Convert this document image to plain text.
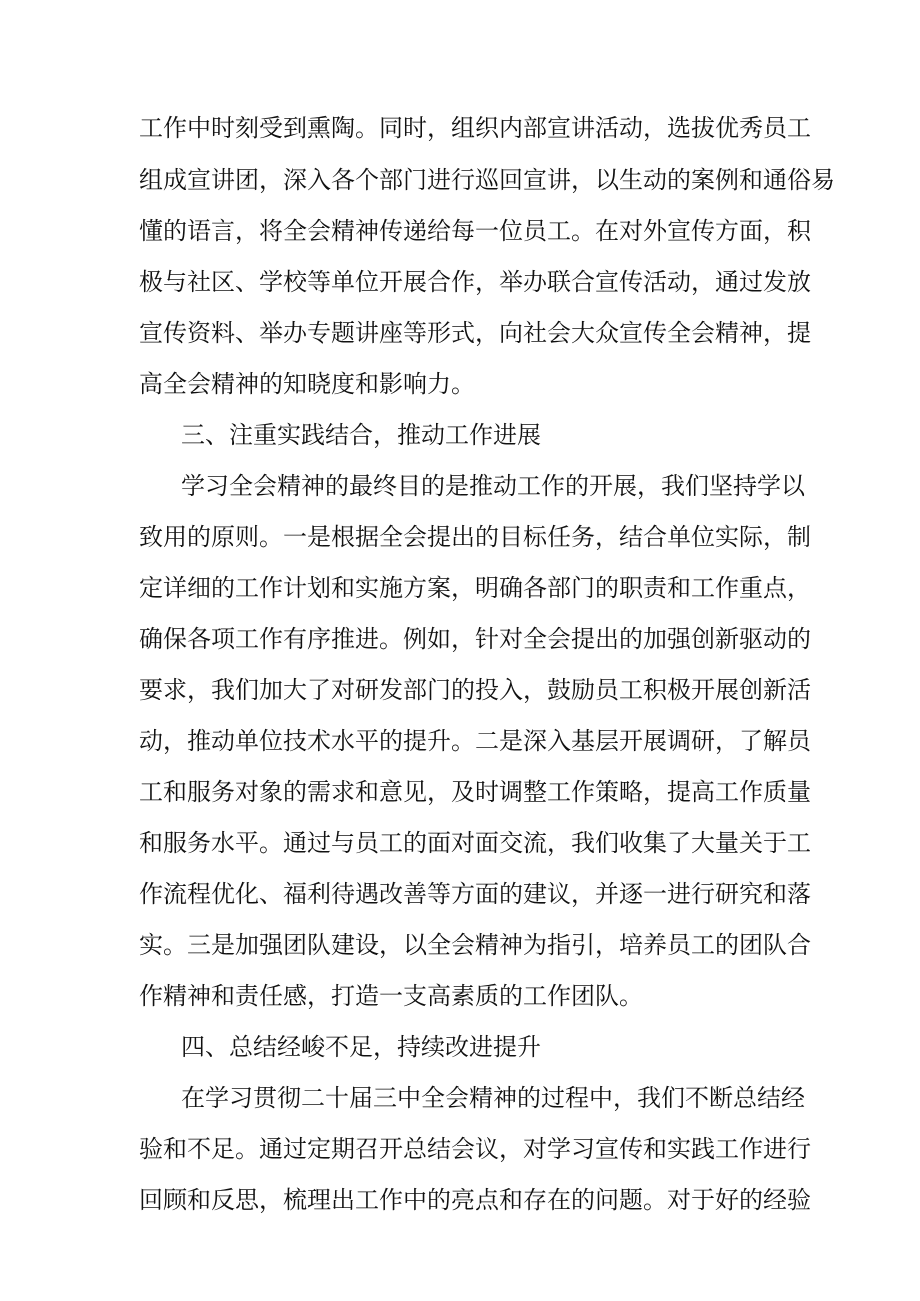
工作中时刻受到熏陶。同时，组织内部宣讲活动，选拔优秀员工
组成宣讲团，深入各个部门进行巡回宣讲，以生动的案例和通俗易
懂的语言，将全会精神传递给每一位员工。在对外宣传方面，积
极与社区、学校等单位开展合作，举办联合宣传活动，通过发放
宣传资料、举办专题讲座等形式，向社会大众宣传全会精神，提
高全会精神的知晓度和影响力。
三、注重实践结合，推动工作进展
学习全会精神的最终目的是推动工作的开展，我们坚持学以
致用的原则。一是根据全会提出的目标任务，结合单位实际，制
定详细的工作计划和实施方案，明确各部门的职责和工作重点，
确保各项工作有序推进。例如，针对全会提出的加强创新驱动的
要求，我们加大了对研发部门的投入，鼓励员工积极开展创新活
动，推动单位技术水平的提升。二是深入基层开展调研，了解员
工和服务对象的需求和意见，及时调整工作策略，提高工作质量
和服务水平。通过与员工的面对面交流，我们收集了大量关于工
作流程优化、福利待遇改善等方面的建议，并逐一进行研究和落
实。三是加强团队建设，以全会精神为指引，培养员工的团队合
作精神和责任感，打造一支高素质的工作团队。
四、总结经峻不足，持续改进提升
在学习贯彻二十届三中全会精神的过程中，我们不断总结经
验和不足。通过定期召开总结会议，对学习宣传和实践工作进行
回顾和反思，梳理出工作中的亮点和存在的问题。对于好的经验
